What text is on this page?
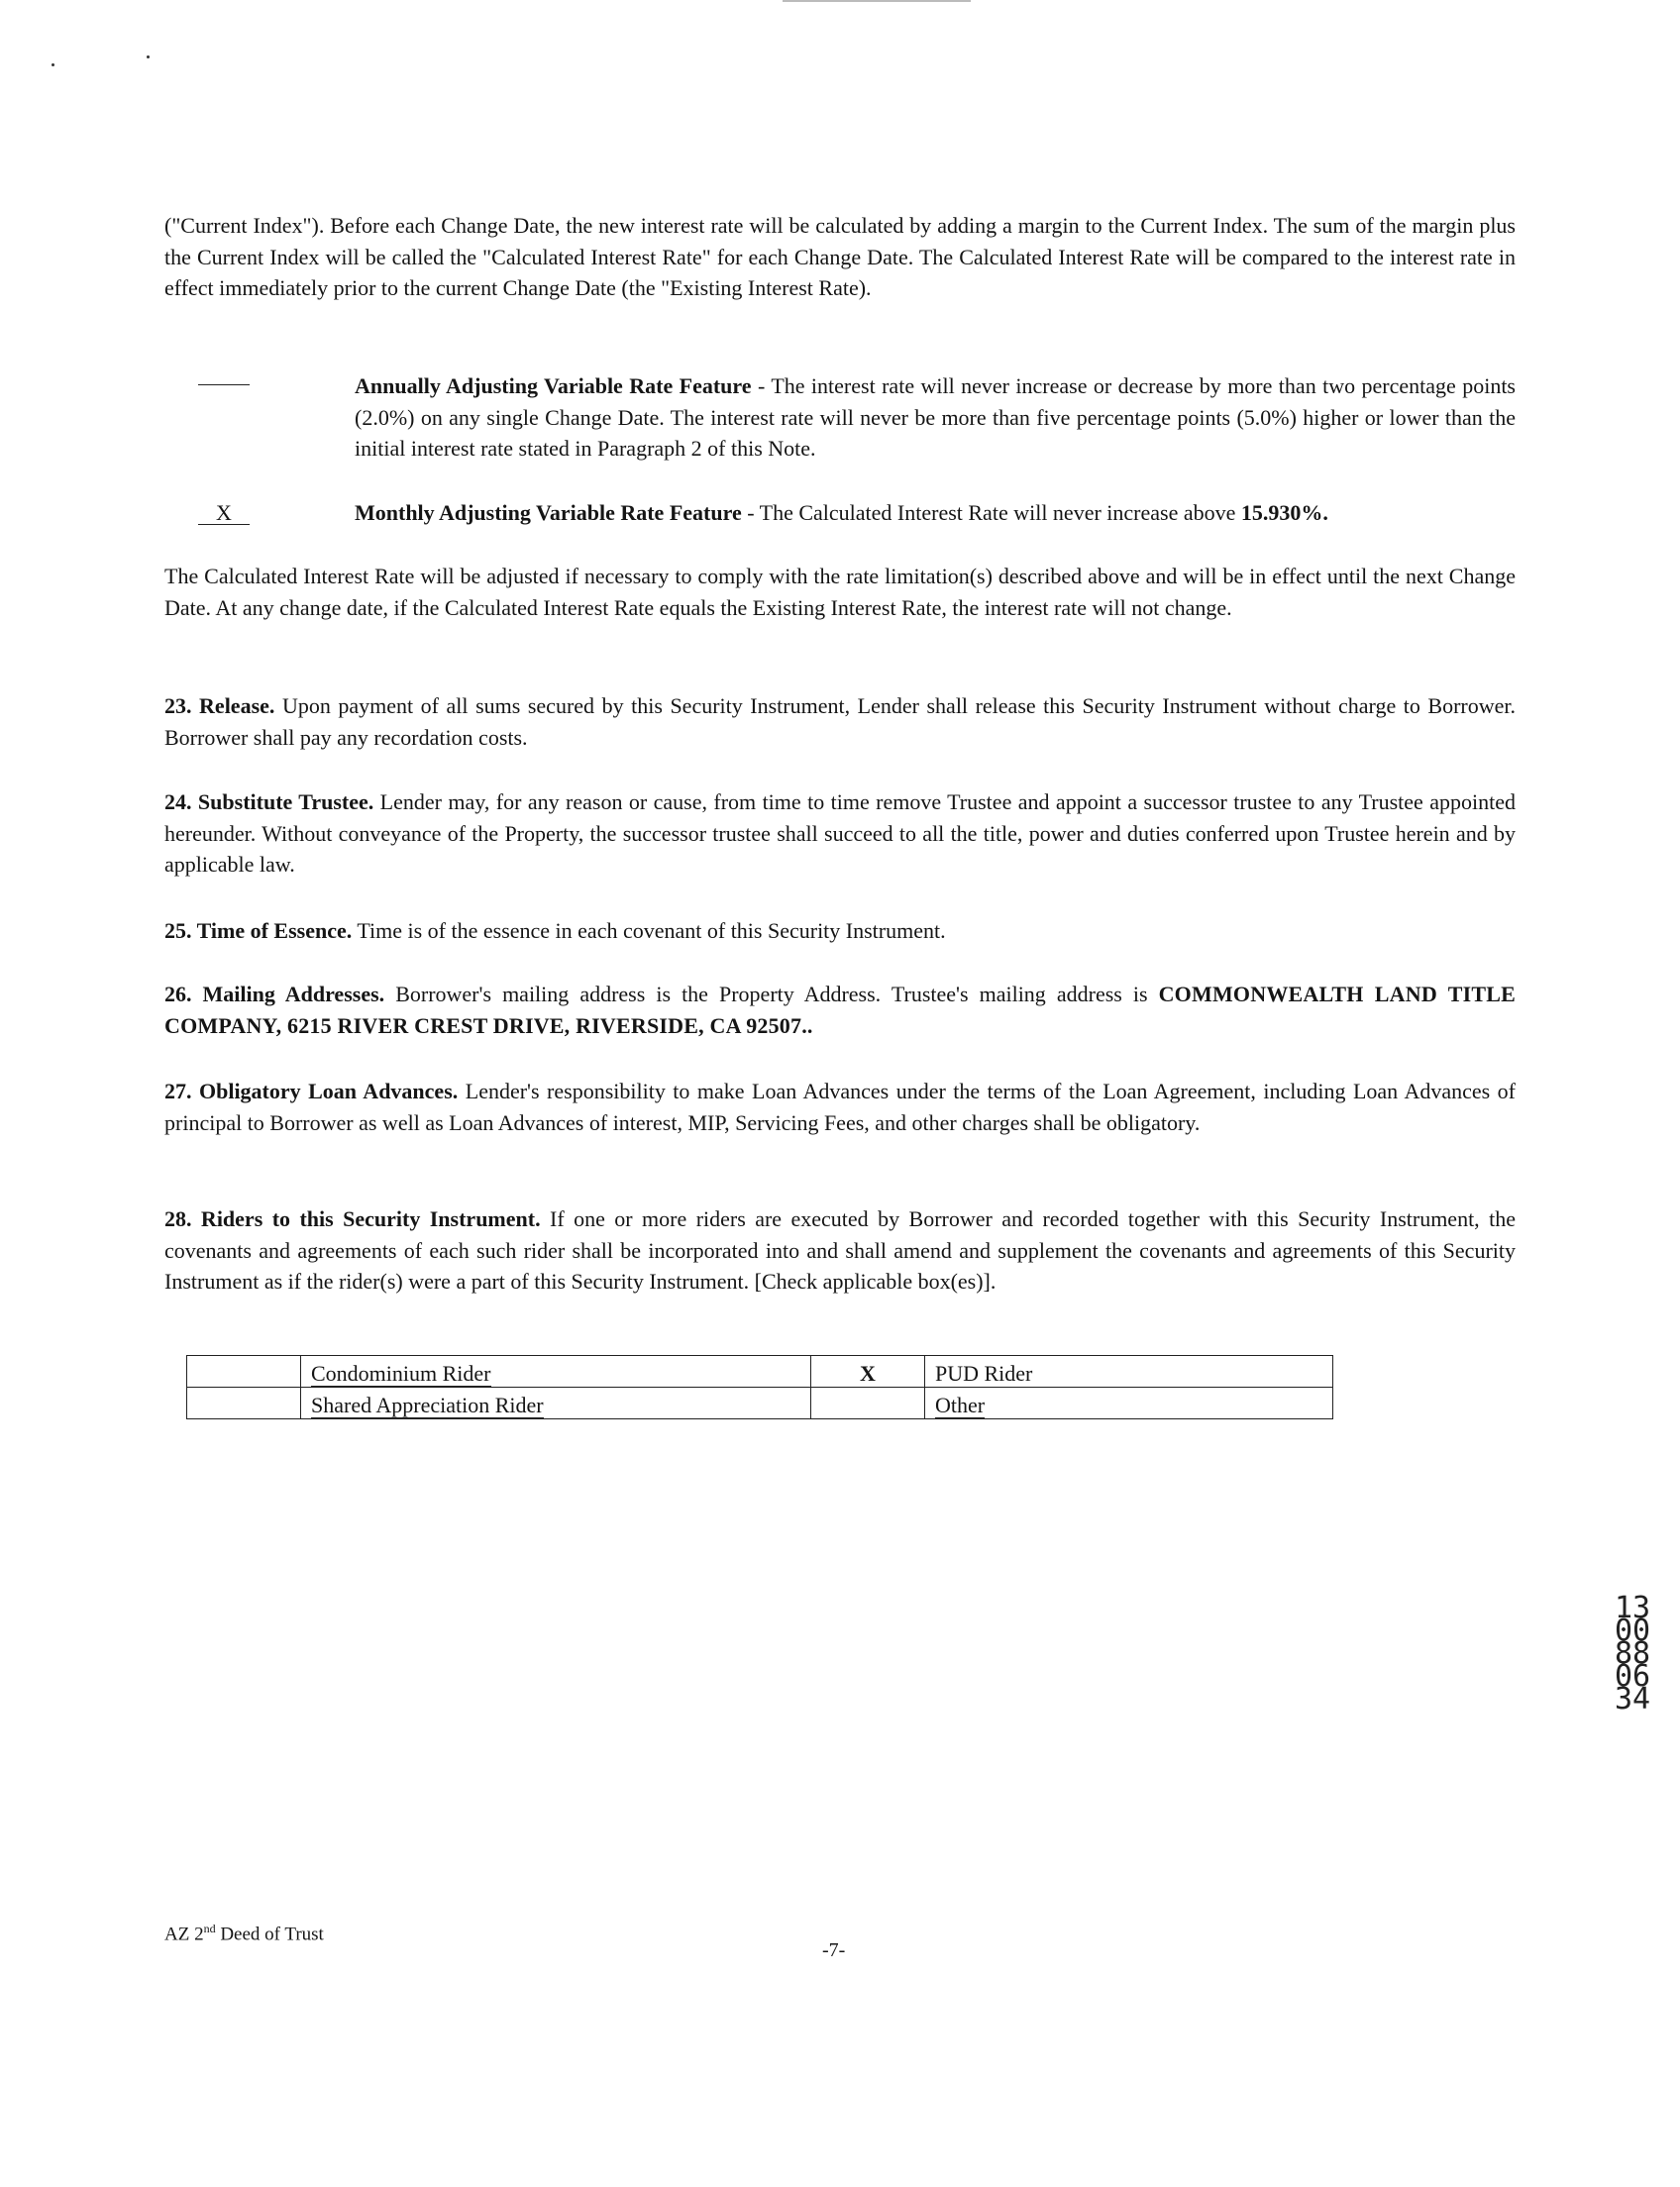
("Current Index"). Before each Change Date, the new interest rate will be calculated by adding a margin to the Current Index. The sum of the margin plus the Current Index will be called the "Calculated Interest Rate" for each Change Date. The Calculated Interest Rate will be compared to the interest rate in effect immediately prior to the current Change Date (the "Existing Interest Rate).
Annually Adjusting Variable Rate Feature - The interest rate will never increase or decrease by more than two percentage points (2.0%) on any single Change Date. The interest rate will never be more than five percentage points (5.0%) higher or lower than the initial interest rate stated in Paragraph 2 of this Note.
X	Monthly Adjusting Variable Rate Feature - The Calculated Interest Rate will never increase above 15.930%.
The Calculated Interest Rate will be adjusted if necessary to comply with the rate limitation(s) described above and will be in effect until the next Change Date. At any change date, if the Calculated Interest Rate equals the Existing Interest Rate, the interest rate will not change.
23. Release. Upon payment of all sums secured by this Security Instrument, Lender shall release this Security Instrument without charge to Borrower. Borrower shall pay any recordation costs.
24. Substitute Trustee. Lender may, for any reason or cause, from time to time remove Trustee and appoint a successor trustee to any Trustee appointed hereunder. Without conveyance of the Property, the successor trustee shall succeed to all the title, power and duties conferred upon Trustee herein and by applicable law.
25. Time of Essence. Time is of the essence in each covenant of this Security Instrument.
26. Mailing Addresses. Borrower's mailing address is the Property Address. Trustee's mailing address is COMMONWEALTH LAND TITLE COMPANY, 6215 RIVER CREST DRIVE, RIVERSIDE, CA 92507..
27. Obligatory Loan Advances. Lender's responsibility to make Loan Advances under the terms of the Loan Agreement, including Loan Advances of principal to Borrower as well as Loan Advances of interest, MIP, Servicing Fees, and other charges shall be obligatory.
28. Riders to this Security Instrument. If one or more riders are executed by Borrower and recorded together with this Security Instrument, the covenants and agreements of each such rider shall be incorporated into and shall amend and supplement the covenants and agreements of this Security Instrument as if the rider(s) were a part of this Security Instrument. [Check applicable box(es)].
	Condominium Rider	X	PUD Rider
	Shared Appreciation Rider		Other
1300880634
AZ 2nd Deed of Trust
-7-
